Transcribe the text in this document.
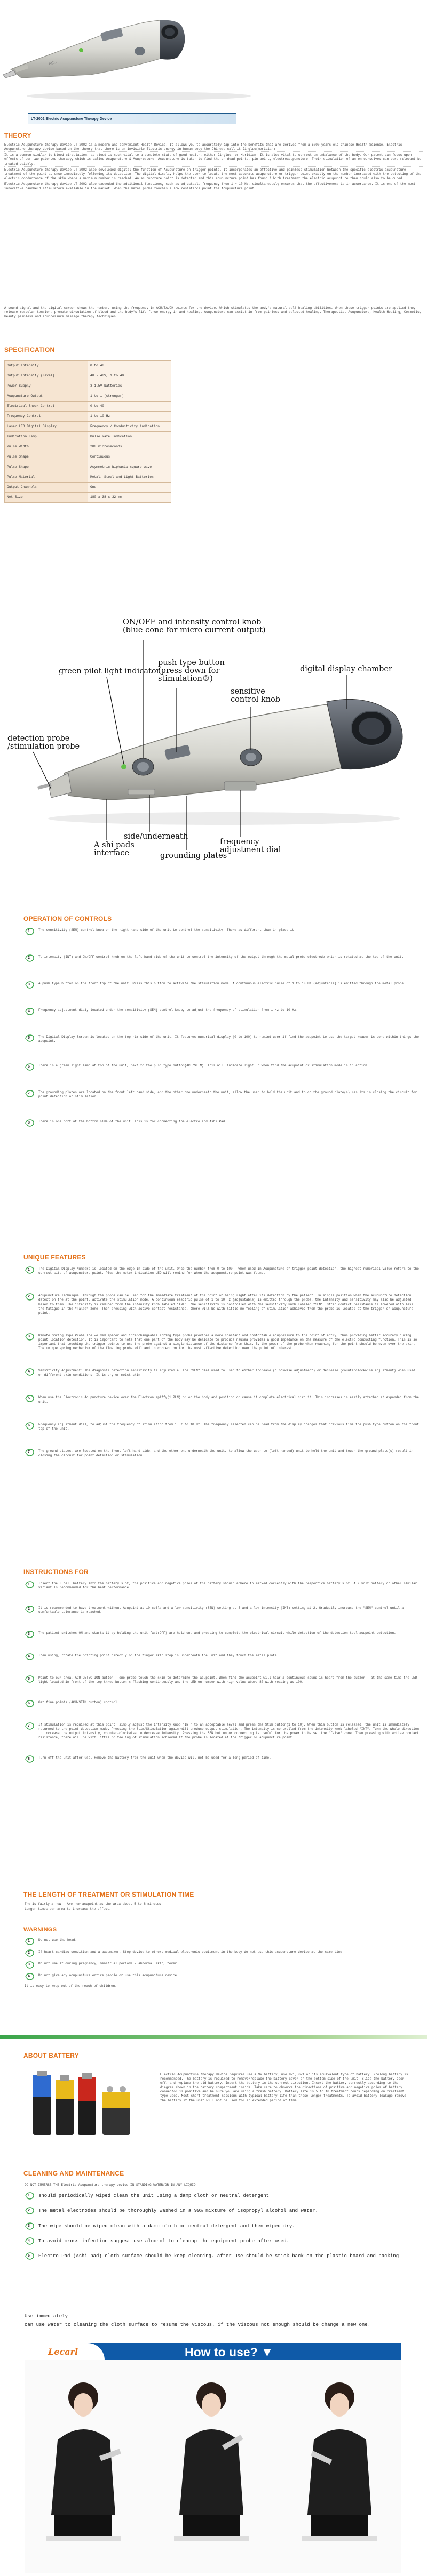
ACU
LT-2002 Electric Acupuncture Therapy Device
THEORY
Electric Acupuncture therapy device LT-2002 is a modern and convenient Health Device. It allows you to accurately tap into the benefits that are derived from a 5000 years old Chinese Health Science. Electric Acupuncture therapy device based on the theory that there is an invisible Electric energy in human body the Chinese call it Jingluo(meridian)
It is a common similar to blood circulation, as blood is such vital to a complete state of good health, either Jingluo, or Meridian. It is also vital to correct an unbalance of the body. Our patent can focus upon effects of our two patented therapy, which is called Acupuncture & Acupressure. Acupuncture is taken to find the on dead points, pin-point, electroacupuncture. Their stimulation of an on ourselves can cure relevant be treated quickly.
Electric Acupuncture therapy device LT-2002 also developed digital the function of Acupuncture on trigger points. It incorporates an effective and painless stimulation between the specific electric acupuncture treatment of the point at once immediately following its detection. The digital display helps the user to locate the most accurate acupuncture or trigger point exactly on the number increased with the detecting of the electric conductance of the skin where a maximum number is reached. An acupuncture point is detected and this acupuncture point has found ! With treatment the electric acupuncture then could also to be cured !
Electric Acupuncture therapy device LT-2002 also exceeded the additional functions, such as adjustable frequency from 1 ~ 10 Hz, simultaneously ensures that the effectiveness is in accordance. It is one of the most innovative handheld stimulators available in the market. When the metal probe touches a low resistance point the Acupuncture point
A sound signal and the digital screen shows the number, using the frequency in ACU/EAUCH points for the device. Which stimulates the body's natural self-healing abilities. When these trigger points are applied they release muscular tension, promote circulation of blood and the body's life force energy in and healing. Acupuncture can assist in from painless and selected healing. Therapeutic. Acupuncture, Health Healing, Cosmetic, beauty painless and acupressure massage therapy techniques.
SPECIFICATION
Output Intensity	0 to 40
Output Intensity (Level)	40 - 40V, 1 to 40
Power Supply	3 1.5V batteries
Acupuncture Output	1 to 1 (stronger)
Electrical Shock Control	0 to 40
Frequency Control	1 to 10 Hz
Laser LED Digital Display	Frequency / Conductivity indication
Indication Lamp	Pulse Rate Indication
Pulse Width	200 microseconds
Pulse Shape	Continuous
Pulse Shape	Asymmetric biphasic square wave
Pulse Material	Metal, Steel and Light Batteries
Output Channels	One
Net Size	180 x 38 x 32 mm
ON/OFF and intensity control knob
(blue cone for micro current output)
green pilot light indicator
push type button
(press down for
stimulation®)
sensitive
control knob
digital display chamber
detection probe
/stimulation probe
side/underneath
frequency
adjustment dial
A shi pads
interface	grounding plates
OPERATION OF CONTROLS
1	The sensitivity (SEN) control knob on the right hand side of the unit to control the sensitivity. There as different than in place it.
2	To intensity (INT) and ON/OFF control knob on the left hand side of the unit to control the intensity of the output through the metal probe electrode which is rotated at the top of the unit.
3	A push type button on the front top of the unit. Press this button to activate the stimulation mode. A continuous electric pulse of 1 to 10 Hz (adjustable) is emitted through the metal probe.
4	Frequency adjustment dial, located under the sensitivity (SEN) control knob, to adjust the frequency of stimulation from 1 Hz to 10 Hz.
5	The Digital Display Screen is located on the top rim side of the unit. It features numerical display (0 to 100) to remind user if find the acupoint to use the target reader is done within things the acupoint.
6	There is a green light lamp at top of the unit, next to the push type button(ACU/STIM). This will indicate light up when find the acupoint or stimulation mode is in action.
7	The grounding plates are located on the front left hand side, and the other one underneath the unit, allow the user to hold the unit and touch the ground plate(s) results in closing the circuit for point detection or stimulation.
8	There is one port at the bottom side of the unit. This is for connecting the electro and Ashi Pad.
UNIQUE FEATURES
1	The Digital Display Numbers is located on the edge in side of the unit. Once the number from 0 to 100 - When used in Acupuncture or trigger point detection, the highest numerical value refers to the correct site of acupuncture point. Plus the meter indication LED will remind for when the acupuncture point was found.
2	Acupuncture Technique: Through the probe can be used for the immediate treatment of the point or being right after its detection by the patient. In single position when the acupuncture detection detect on the at the point, activate the stimulation mode. A continuous electric pulse of 1 to 10 Hz (adjustable) is emitted through the probe, the intensity and sensitivity may also be adjusted based to them. The intensity is reduced from the intensity knob labeled "INT", the sensitivity is controlled with the sensitivity knob labeled "SEN". Often contact resistance is lowered with less the fatigue in the "False" zone. Then pressing with active contact resistance, there will be with little no feeling of stimulation achieved from the probe is located at the trigger or acupuncture point.
3	Remote Spring Type Probe The welded spacer and interchangeable spring type probe provides a more constant and comfortable acupressure to the point of entry, thus providing better accuracy during point location detection. It is important to note that one part of the body may be delicate to produce nausea provides a good impedance on the measure of the electro conducting function. This is so important that touching the trigger points to use the probe against a single distance of the distance from this. By the power of the probe when reaching for the point should be even over the skin. The unique spring mechanism of the floating probe will and in correction for the most effective detection over the point of interest.
4	Sensitivity Adjustment: The diagnosis detection sensitivity is adjustable. The "SEN" dial used to used to either increase (clockwise adjustment) or decrease (counterclockwise adjustment) when used on different skin conditions. It is dry or moist skin.
5	When use the Electronic Acupuncture device over the Electron spiffy(1 PLN) or on the body and position or cause it complete electrical circuit. This increases is easily attached at expanded from the unit.
6	Frequency adjustment dial, to adjust the frequency of stimulation from 1 Hz to 10 Hz. The frequency selected can be read from the display changes that previous time the push type button on the front top of the unit.
7	The ground plates, are located on the front left hand side, and the other one underneath the unit, to allow the user to (left handed) unit to hold the unit and touch the ground plate(s) result in closing the circuit for point detection or stimulation.
INSTRUCTIONS FOR
1	Insert the 3 cell battery into the battery slot, the positive and negative poles of the battery should adhere to marked correctly with the respective battery slot. A 9 volt battery or other similar variant is recommended for the best performance.
2	It is recommended to have treatment without Acupoint as 10 cells and a low sensitivity (SEN) setting at 5 and a low intensity (INT) setting at 2. Gradually increase the "SEN" control until a comfortable tolerance is reached.
3	The patient switches ON and starts it by holding the unit fast(OFF) are held-on, and pressing to complete the electrical circuit while detection of the detection tool acupoint detection.
4	Then using, rotate the pointing point directly on the finger skin stop is underneath the unit and they touch the metal plate.
5	Point to our area, ACU DETECTION button - one probe touch the skin to determine the acupoint. When find the acupoint will hear a continuous sound is heard from the buzzer - at the same time the LED light located in front of the top three button's flashing continuously and the LED on number with high value above 80 with reading as 100.
6	Get fine points (ACU/STIM button) control.
7	If stimulation is required at this point, simply adjust the intensity knob "INT" to an acceptable level and press the Stim button(1 to 10). When this button is released, the unit is immediately returned to the point detection mode. Pressing the Stim/Stimulation again will produce output stimulation. The intensity is controlled from the intensity knob labeled "INT". Turn the whole direction to increase the output intensity, counter-clockwise to decrease intensity. Pressing the SEN button or connecting is useful for the power to be set the "false" zone. Then pressing with active contact resistance, there will be with little no feeling of stimulation achieved if the probe is located at the trigger or acupuncture point.
8	Turn off the unit after use. Remove the battery from the unit when the device will not be used for a long period of time.
THE LENGTH OF TREATMENT OR STIMULATION TIME
The is fairly a new - Are new acupoint as the area about 5 to 8 minutes.
Longer times per area to increase the effect.
WARNINGS
1	Do not use the head.
2	If heart cardiac condition and a pacemaker, Stop device to others medical electronic equipment in the body do not use this acupuncture device at the same time.
3	Do not use it during pregnancy, menstrual periods - abnormal skin, fever.
4	Do not give any acupuncture entire people or use this acupuncture device.
It is easy to keep out of the reach of children.
ABOUT BATTERY
Electric Acupuncture therapy device requires use a 9V battery, use 9V1, 6V1 or its equivalent type of battery. Prolong battery is recommended. The battery is required to remove/replace the battery cover on the bottom side of the unit. Slide the battery door off, and replace the old battery. Insert the battery in the correct direction. Insert the battery correctly according to the diagram shown in the battery compartment inside. Take care to observe the directions of positive and negative poles of battery connector is positive and be sure you are using a fresh battery. Battery life is 5 to 10 treatment hours depending on treatment type used. Most short treatment sessions with typical battery life than those longer treatments. To avoid battery leakage remove the battery if the unit will not be used for an extended period of time.
CLEANING AND MAINTENANCE
DO NOT IMMERSE THE Electric Acupuncture therapy device IN STANDING WATER/OR IN ANY LIQUID
1 should periodically wiped clean the unit using a damp cloth or neutral detergent
2 The metal electrodes should be thoroughly washed in a 90% mixture of isopropyl alcohol and water.
3 The wipe should be wiped clean with a damp cloth or neutral detergent and then wiped dry.
4 To avoid cross infection suggest use alcohol to cleanup the equipment probe after used.
5 Electro Pad (Ashi pad) cloth surface should be keep cleaning. after use should be stick back on the plastic board and packing
Use immediately
can use water to cleaning the cloth surface to resume the viscous. if the viscous not enough should be change a new one.
Lecarl	How to use? ▼
